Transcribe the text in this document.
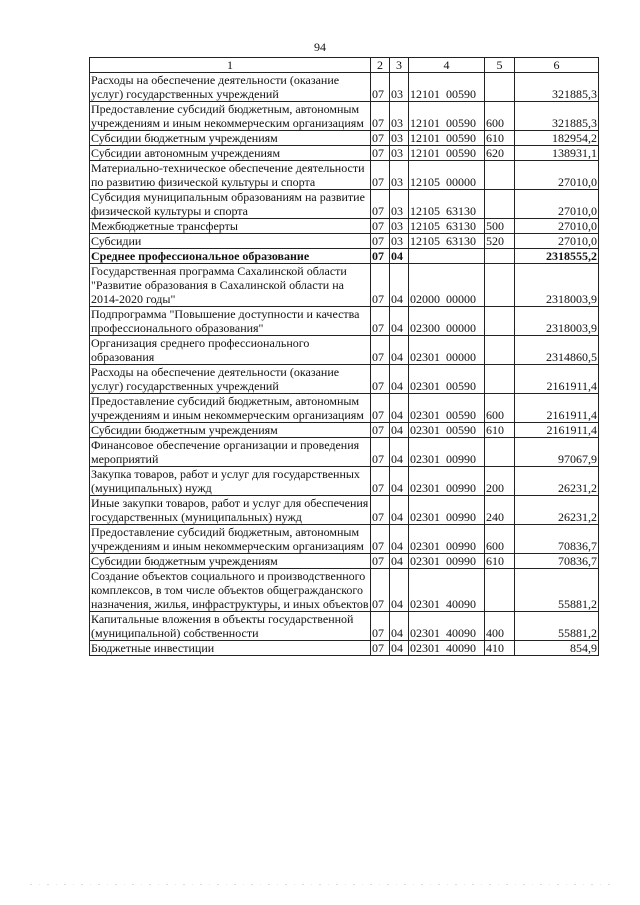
94
1	2	3	4	5	6
Расходы на обеспечение деятельности (оказание услуг) государственных учреждений	07	03	12101  00590		321885,3
Предоставление субсидий бюджетным, автономным учреждениям и иным некоммерческим организациям	07	03	12101  00590	600	321885,3
Субсидии бюджетным учреждениям	07	03	12101  00590	610	182954,2
Субсидии автономным учреждениям	07	03	12101  00590	620	138931,1
Материально-техническое обеспечение деятельности по развитию физической культуры и спорта	07	03	12105  00000		27010,0
Субсидия муниципальным образованиям на развитие физической культуры и спорта	07	03	12105  63130		27010,0
Межбюджетные трансферты	07	03	12105  63130	500	27010,0
Субсидии	07	03	12105  63130	520	27010,0
Среднее профессиональное образование	07	04			2318555,2
Государственная программа Сахалинской области "Развитие образования в Сахалинской области на 2014-2020 годы"	07	04	02000  00000		2318003,9
Подпрограмма "Повышение доступности и качества профессионального образования"	07	04	02300  00000		2318003,9
Организация среднего профессионального образования	07	04	02301  00000		2314860,5
Расходы на обеспечение деятельности (оказание услуг) государственных учреждений	07	04	02301  00590		2161911,4
Предоставление субсидий бюджетным, автономным учреждениям и иным некоммерческим организациям	07	04	02301  00590	600	2161911,4
Субсидии бюджетным учреждениям	07	04	02301  00590	610	2161911,4
Финансовое обеспечение организации и проведения мероприятий	07	04	02301  00990		97067,9
Закупка товаров, работ и услуг для государственных (муниципальных) нужд	07	04	02301  00990	200	26231,2
Иные закупки товаров, работ и услуг для обеспечения государственных (муниципальных) нужд	07	04	02301  00990	240	26231,2
Предоставление субсидий бюджетным, автономным учреждениям и иным некоммерческим организациям	07	04	02301  00990	600	70836,7
Субсидии бюджетным учреждениям	07	04	02301  00990	610	70836,7
Создание объектов социального и производственного комплексов, в том числе объектов общегражданского назначения, жилья, инфраструктуры, и иных объектов	07	04	02301  40090		55881,2
Капитальные вложения в объекты государственной (муниципальной) собственности	07	04	02301  40090	400	55881,2
Бюджетные инвестиции	07	04	02301  40090	410	854,9
